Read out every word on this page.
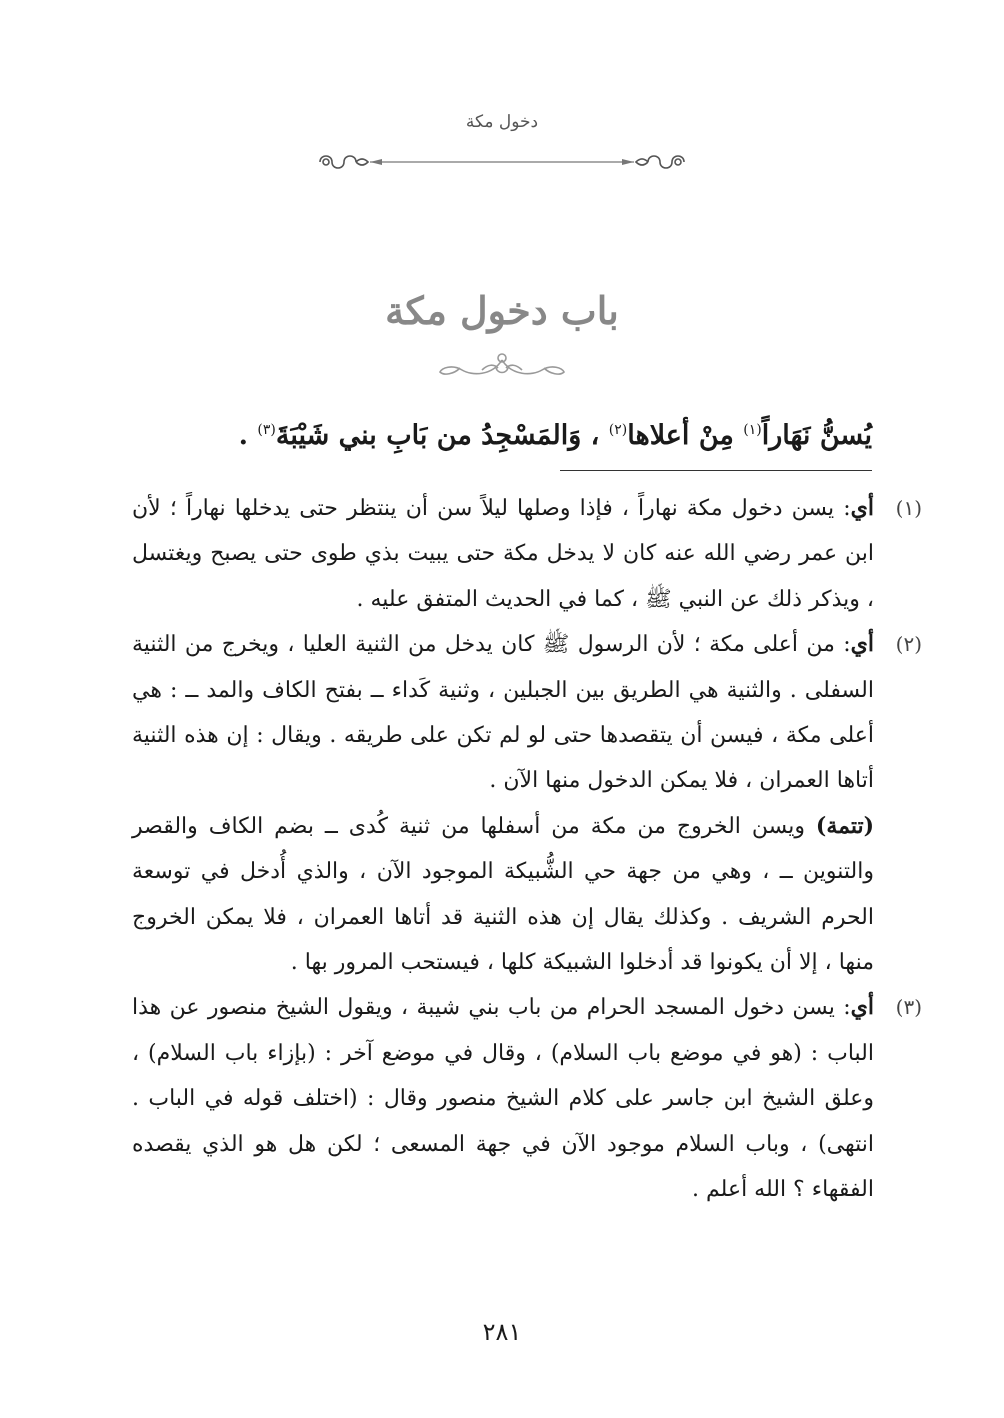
دخول مكة
باب دخول مكة
يُسنُّ نَهَاراً$^{(١)}$ مِنْ أعلاها$^{(٢)}$ ، وَالمَسْجِدُ من بَابِ بني شَيْبَةَ$^{(٣)}$ .
(١)

أي: يسن دخول مكة نهاراً ، فإذا وصلها ليلاً سن أن ينتظر حتى يدخلها نهاراً ؛ لأن ابن عمر رضي الله عنه كان لا يدخل مكة حتى يبيت بذي طوى حتى يصبح ويغتسل ، ويذكر ذلك عن النبي ﷺ ، كما في الحديث المتفق عليه .

(٢)

أي: من أعلى مكة ؛ لأن الرسول ﷺ كان يدخل من الثنية العليا ، ويخرج من الثنية السفلى . والثنية هي الطريق بين الجبلين ، وثنية كَداء ــ بفتح الكاف والمد ــ : هي أعلى مكة ، فيسن أن يتقصدها حتى لو لم تكن على طريقه . ويقال : إن هذه الثنية أتاها العمران ، فلا يمكن الدخول منها الآن .

(تتمة) ويسن الخروج من مكة من أسفلها من ثنية كُدى ــ بضم الكاف والقصر والتنوين ــ ، وهي من جهة حي الشُّبيكة الموجود الآن ، والذي أُدخل في توسعة الحرم الشريف . وكذلك يقال إن هذه الثنية قد أتاها العمران ، فلا يمكن الخروج منها ، إلا أن يكونوا قد أدخلوا الشبيكة كلها ، فيستحب المرور بها .

(٣)

أي: يسن دخول المسجد الحرام من باب بني شيبة ، ويقول الشيخ منصور عن هذا الباب : (هو في موضع باب السلام) ، وقال في موضع آخر : (بإزاء باب السلام) ، وعلق الشيخ ابن جاسر على كلام الشيخ منصور وقال : (اختلف قوله في الباب . انتهى) ، وباب السلام موجود الآن في جهة المسعى ؛ لكن هل هو الذي يقصده الفقهاء ؟ الله أعلم .

٢٨١
